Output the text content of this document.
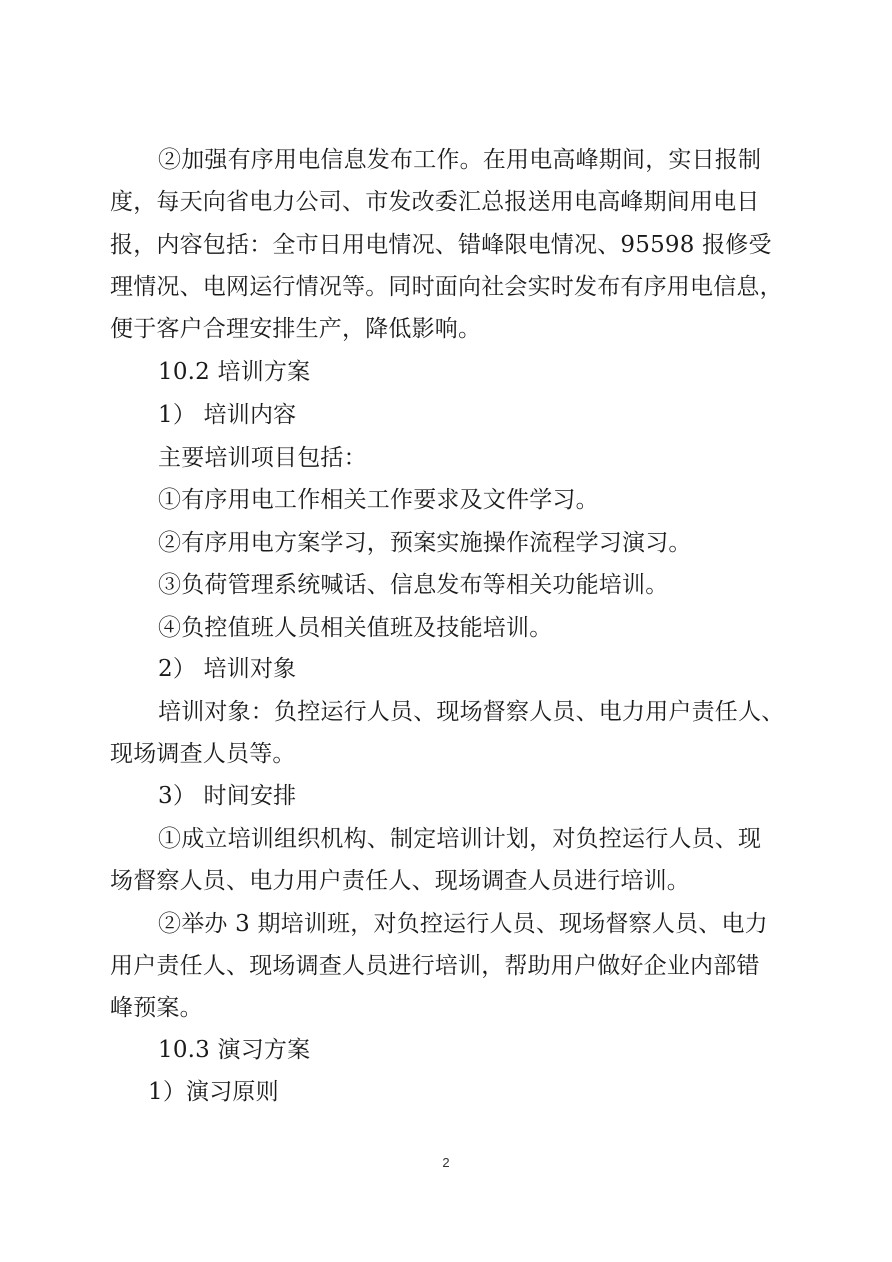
②加强有序用电信息发布工作。在用电高峰期间，实日报制
度，每天向省电力公司、市发改委汇总报送用电高峰期间用电日
报，内容包括：全市日用电情况、错峰限电情况、95598 报修受
理情况、电网运行情况等。同时面向社会实时发布有序用电信息，
便于客户合理安排生产，降低影响。
10.2 培训方案
1） 培训内容
主要培训项目包括：
①有序用电工作相关工作要求及文件学习。
②有序用电方案学习，预案实施操作流程学习演习。
③负荷管理系统喊话、信息发布等相关功能培训。
④负控值班人员相关值班及技能培训。
2） 培训对象
培训对象：负控运行人员、现场督察人员、电力用户责任人、
现场调查人员等。
3） 时间安排
①成立培训组织机构、制定培训计划，对负控运行人员、现
场督察人员、电力用户责任人、现场调查人员进行培训。
②举办 3 期培训班，对负控运行人员、现场督察人员、电力
用户责任人、现场调查人员进行培训，帮助用户做好企业内部错
峰预案。
10.3 演习方案
1）演习原则
2
